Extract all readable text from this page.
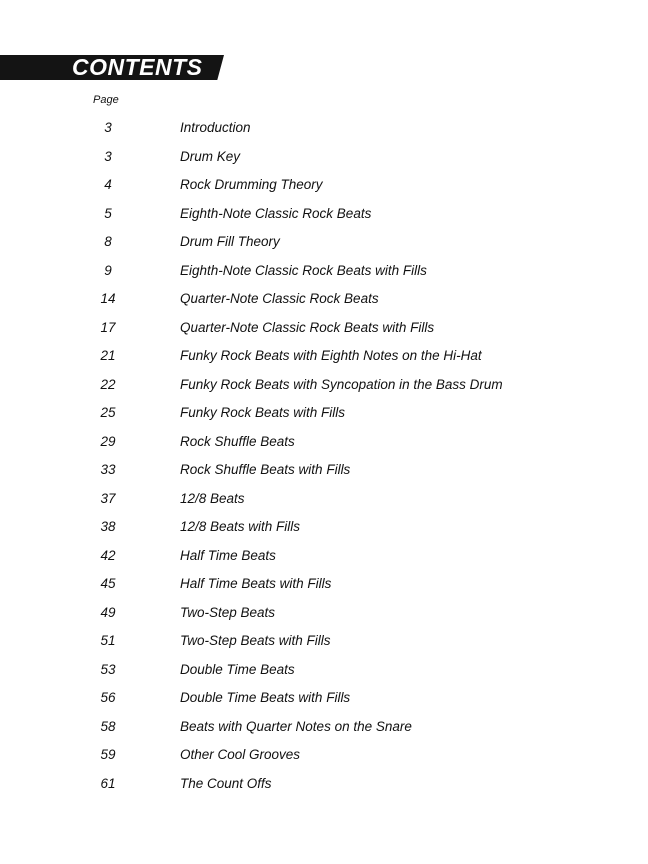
CONTENTS
Page
3	Introduction
3	Drum Key
4	Rock Drumming Theory
5	Eighth-Note Classic Rock Beats
8	Drum Fill Theory
9	Eighth-Note Classic Rock Beats with Fills
14	Quarter-Note Classic Rock Beats
17	Quarter-Note Classic Rock Beats with Fills
21	Funky Rock Beats with Eighth Notes on the Hi-Hat
22	Funky Rock Beats with Syncopation in the Bass Drum
25	Funky Rock Beats with Fills
29	Rock Shuffle Beats
33	Rock Shuffle Beats with Fills
37	12/8 Beats
38	12/8 Beats with Fills
42	Half Time Beats
45	Half Time Beats with Fills
49	Two-Step Beats
51	Two-Step Beats with Fills
53	Double Time Beats
56	Double Time Beats with Fills
58	Beats with Quarter Notes on the Snare
59	Other Cool Grooves
61	The Count Offs
